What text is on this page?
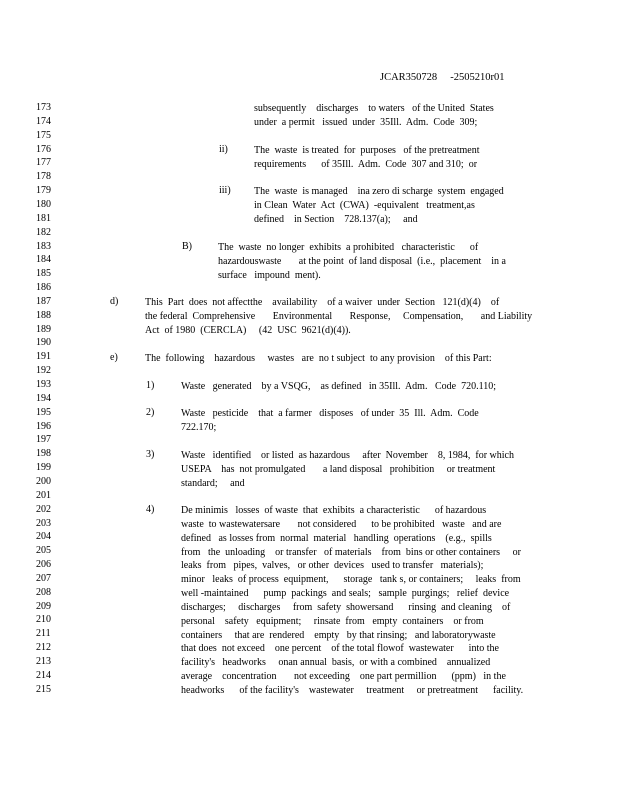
JCAR350728     -2505210r01
173
174
175
176
177
178
179
180
181
182
183
184
185
186
187
188
189
190
191
192
193
194
195
196
197
198
199
200
201
202
203
204
205
206
207
208
209
210
211
212
213
214
215
subsequently    discharges    to waters   of the United  States
under  a permit   issued  under  35Ill.  Adm.  Code  309;
ii)	The  waste  is treated  for  purposes   of the pretreatment
requirements      of 35Ill.  Adm.  Code  307 and 310;  or
iii) The  waste  is managed    ina zero di scharge  system  engaged
in Clean  Water  Act  (CWA)  -equivalent   treatment,as
defined    in Section    728.137(a);     and
B)	The  waste  no longer  exhibits  a prohibited   characteristic      of
hazardouswaste       at the point  of land disposal  (i.e.,  placement    in a
surface   impound  ment).
d)	This  Part  does  not affectthe    availability    of a waiver  under  Section   121(d)(4)    of
the federal  Comprehensive       Environmental       Response,     Compensation,       and Liability
Act  of 1980  (CERCLA)     (42  USC  9621(d)(4)).
e)	The  following    hazardous     wastes   are  no t subject  to any provision    of this Part:
1)	Waste   generated    by a VSQG,    as defined   in 35Ill.  Adm.   Code  720.110;
2)	Waste   pesticide    that  a farmer   disposes   of under  35  Ill.  Adm.  Code
722.170;
3)	Waste   identified    or listed  as hazardous     after  November    8, 1984,  for which
USEPA    has  not promulgated       a land disposal   prohibition     or treatment
standard;     and
4)	De minimis   losses  of waste  that  exhibits  a characteristic      of hazardous
waste  to wastewatersare       not considered      to be prohibited   waste   and are
defined   as losses from  normal  material   handling  operations    (e.g.,  spills
from   the  unloading    or transfer   of materials    from  bins or other containers     or
leaks  from   pipes,  valves,   or other  devices   used to transfer   materials);
minor   leaks  of process  equipment,      storage   tank s, or containers;     leaks  from
well -maintained      pump  packings  and seals;   sample  purgings;   relief  device
discharges;     discharges     from  safety  showersand      rinsing  and cleaning    of
personal    safety   equipment;     rinsate  from   empty  containers    or from
containers     that are  rendered    empty   by that rinsing;   and laboratorywaste
that does  not exceed    one percent    of the total flowof  wastewater      into the
facility's   headworks     onan annual  basis,  or with a combined    annualized
average    concentration       not exceeding    one part permillion      (ppm)   in the
headworks      of the facility's    wastewater     treatment     or pretreatment      facility.
